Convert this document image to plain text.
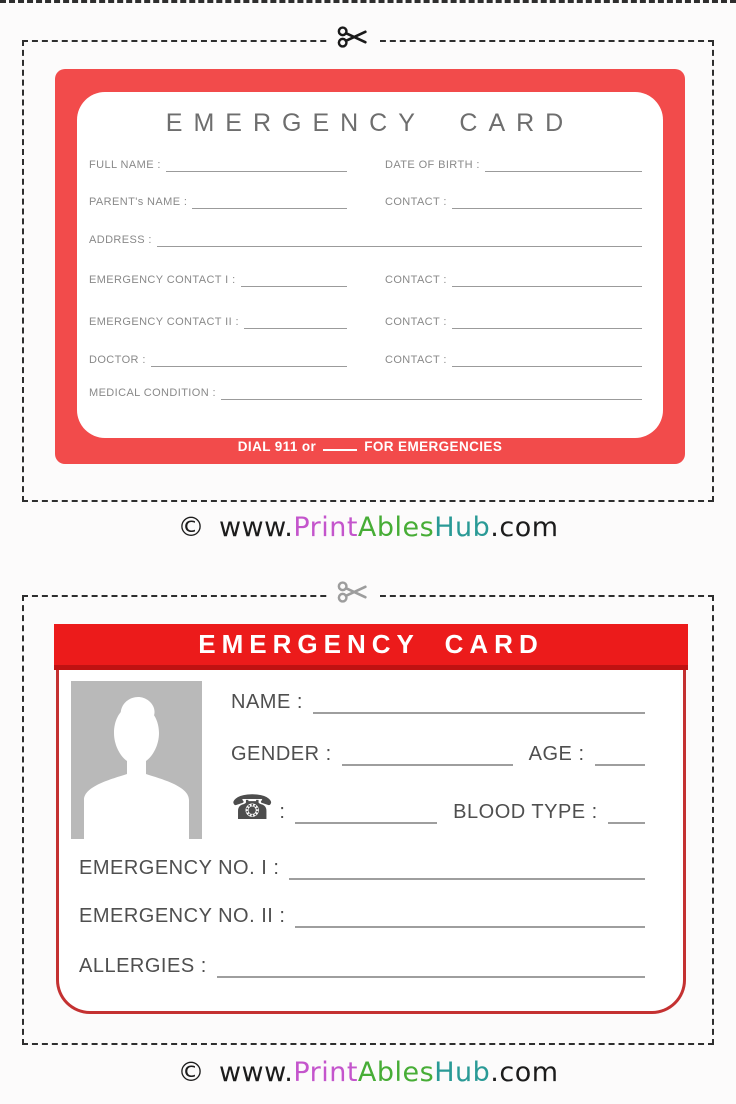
EMERGENCY CARD
FULL NAME :	DATE OF BIRTH :
PARENT's NAME :	CONTACT :
ADDRESS :
EMERGENCY CONTACT I :	CONTACT :
EMERGENCY CONTACT II :	CONTACT :
DOCTOR :	CONTACT :
MEDICAL CONDITION :
DIAL 911 or	FOR EMERGENCIES
© www.PrintAblesHub.com
EMERGENCY CARD
NAME :
GENDER :	AGE :
☎ :	BLOOD TYPE :
EMERGENCY NO. I :
EMERGENCY NO. II :
ALLERGIES :
© www.PrintAblesHub.com
